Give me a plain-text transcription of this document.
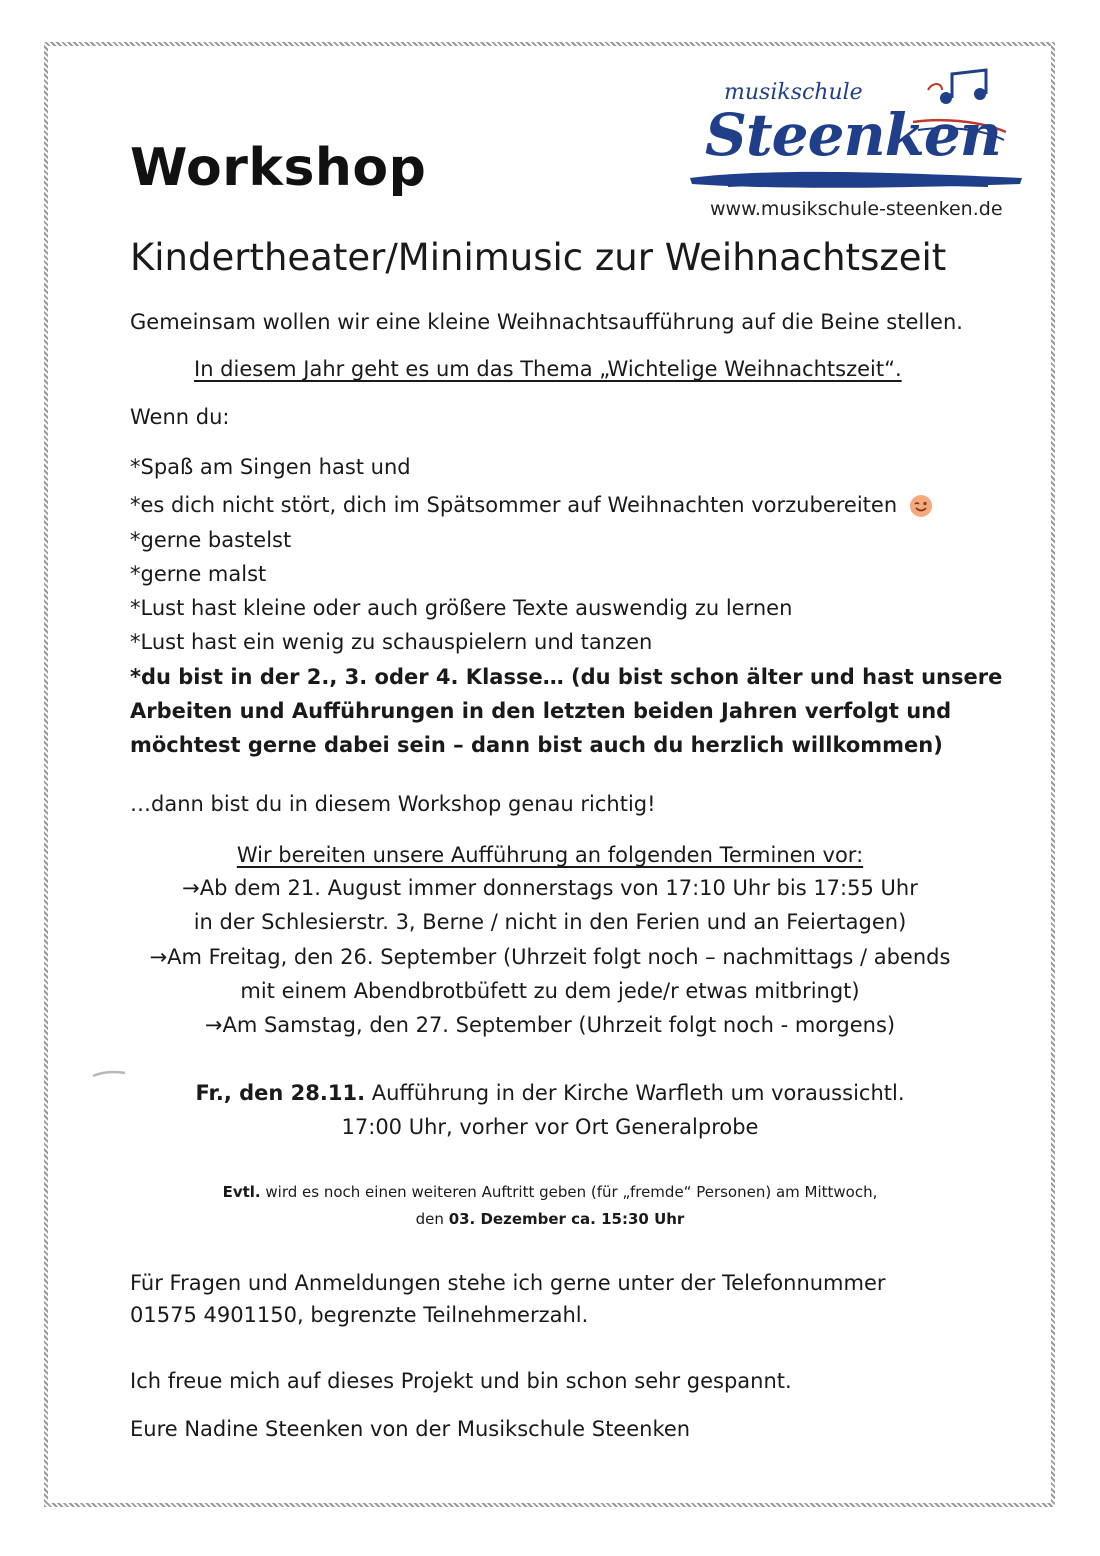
musikschule
Steenken
www.musikschule-steenken.de
Workshop
Kindertheater/Minimusic zur Weihnachtszeit
Gemeinsam wollen wir eine kleine Weihnachtsaufführung auf die Beine stellen.
In diesem Jahr geht es um das Thema „Wichtelige Weihnachtszeit“.
Wenn du:
*Spaß am Singen hast und
*es dich nicht stört, dich im Spätsommer auf Weihnachten vorzubereiten
*gerne bastelst
*gerne malst
*Lust hast kleine oder auch größere Texte auswendig zu lernen
*Lust hast ein wenig zu schauspielern und tanzen
*du bist in der 2., 3. oder 4. Klasse… (du bist schon älter und hast unsere
Arbeiten und Aufführungen in den letzten beiden Jahren verfolgt und
möchtest gerne dabei sein – dann bist auch du herzlich willkommen)
…dann bist du in diesem Workshop genau richtig!
Wir bereiten unsere Aufführung an folgenden Terminen vor:
→Ab dem 21. August immer donnerstags von 17:10 Uhr bis 17:55 Uhr
in der Schlesierstr. 3, Berne / nicht in den Ferien und an Feiertagen)
→Am Freitag, den 26. September (Uhrzeit folgt noch – nachmittags / abends
mit einem Abendbrotbüfett zu dem jede/r etwas mitbringt)
→Am Samstag, den 27. September (Uhrzeit folgt noch - morgens)
Fr., den 28.11. Aufführung in der Kirche Warfleth um voraussichtl.
17:00 Uhr, vorher vor Ort Generalprobe
Evtl. wird es noch einen weiteren Auftritt geben (für „fremde“ Personen) am Mittwoch,
den 03. Dezember ca. 15:30 Uhr
Für Fragen und Anmeldungen stehe ich gerne unter der Telefonnummer
01575 4901150, begrenzte Teilnehmerzahl.
Ich freue mich auf dieses Projekt und bin schon sehr gespannt.
Eure Nadine Steenken von der Musikschule Steenken
